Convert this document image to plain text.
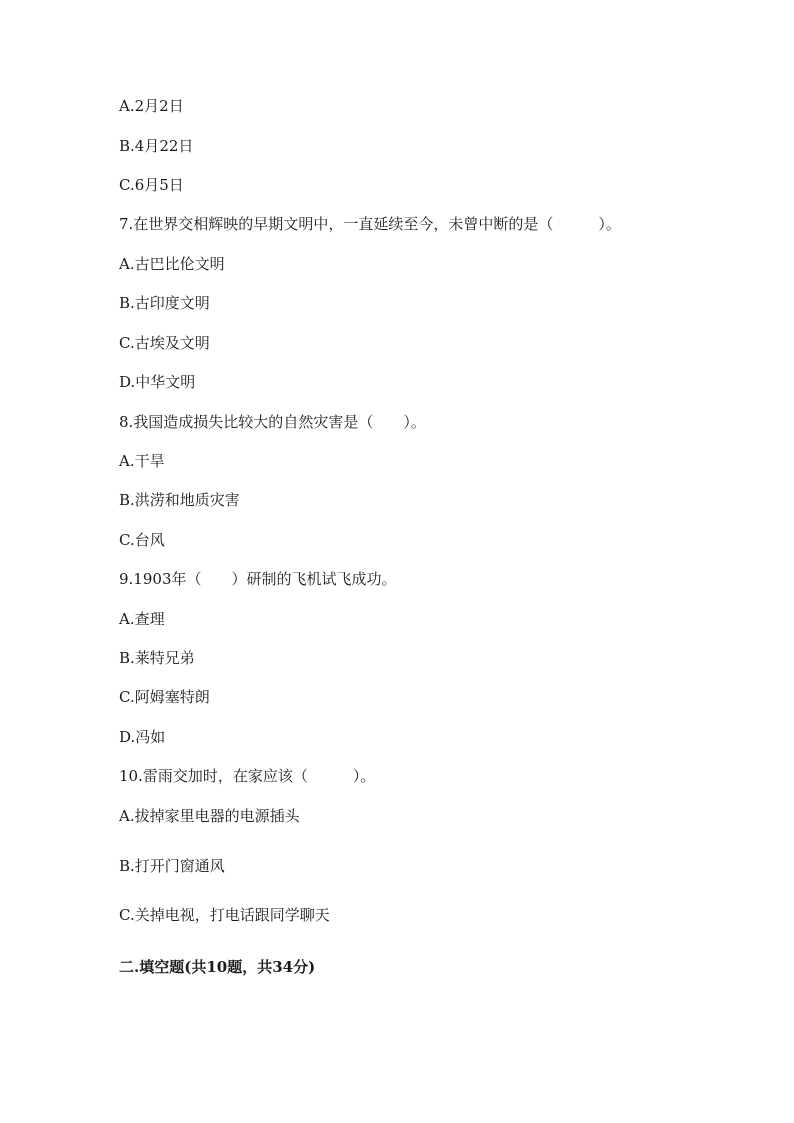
A.2月2日

B.4月22日

C.6月5日

7.在世界交相辉映的早期文明中，一直延续至今，未曾中断的是（　　　）。

A.古巴比伦文明

B.古印度文明

C.古埃及文明

D.中华文明

8.我国造成损失比较大的自然灾害是（　　）。

A.干旱

B.洪涝和地质灾害

C.台风

9.1903年（　　）研制的飞机试飞成功。

A.查理

B.莱特兄弟

C.阿姆塞特朗

D.冯如

10.雷雨交加时，在家应该（　　　）。

A.拔掉家里电器的电源插头

B.打开门窗通风

C.关掉电视，打电话跟同学聊天

二.填空题(共10题，共34分)
